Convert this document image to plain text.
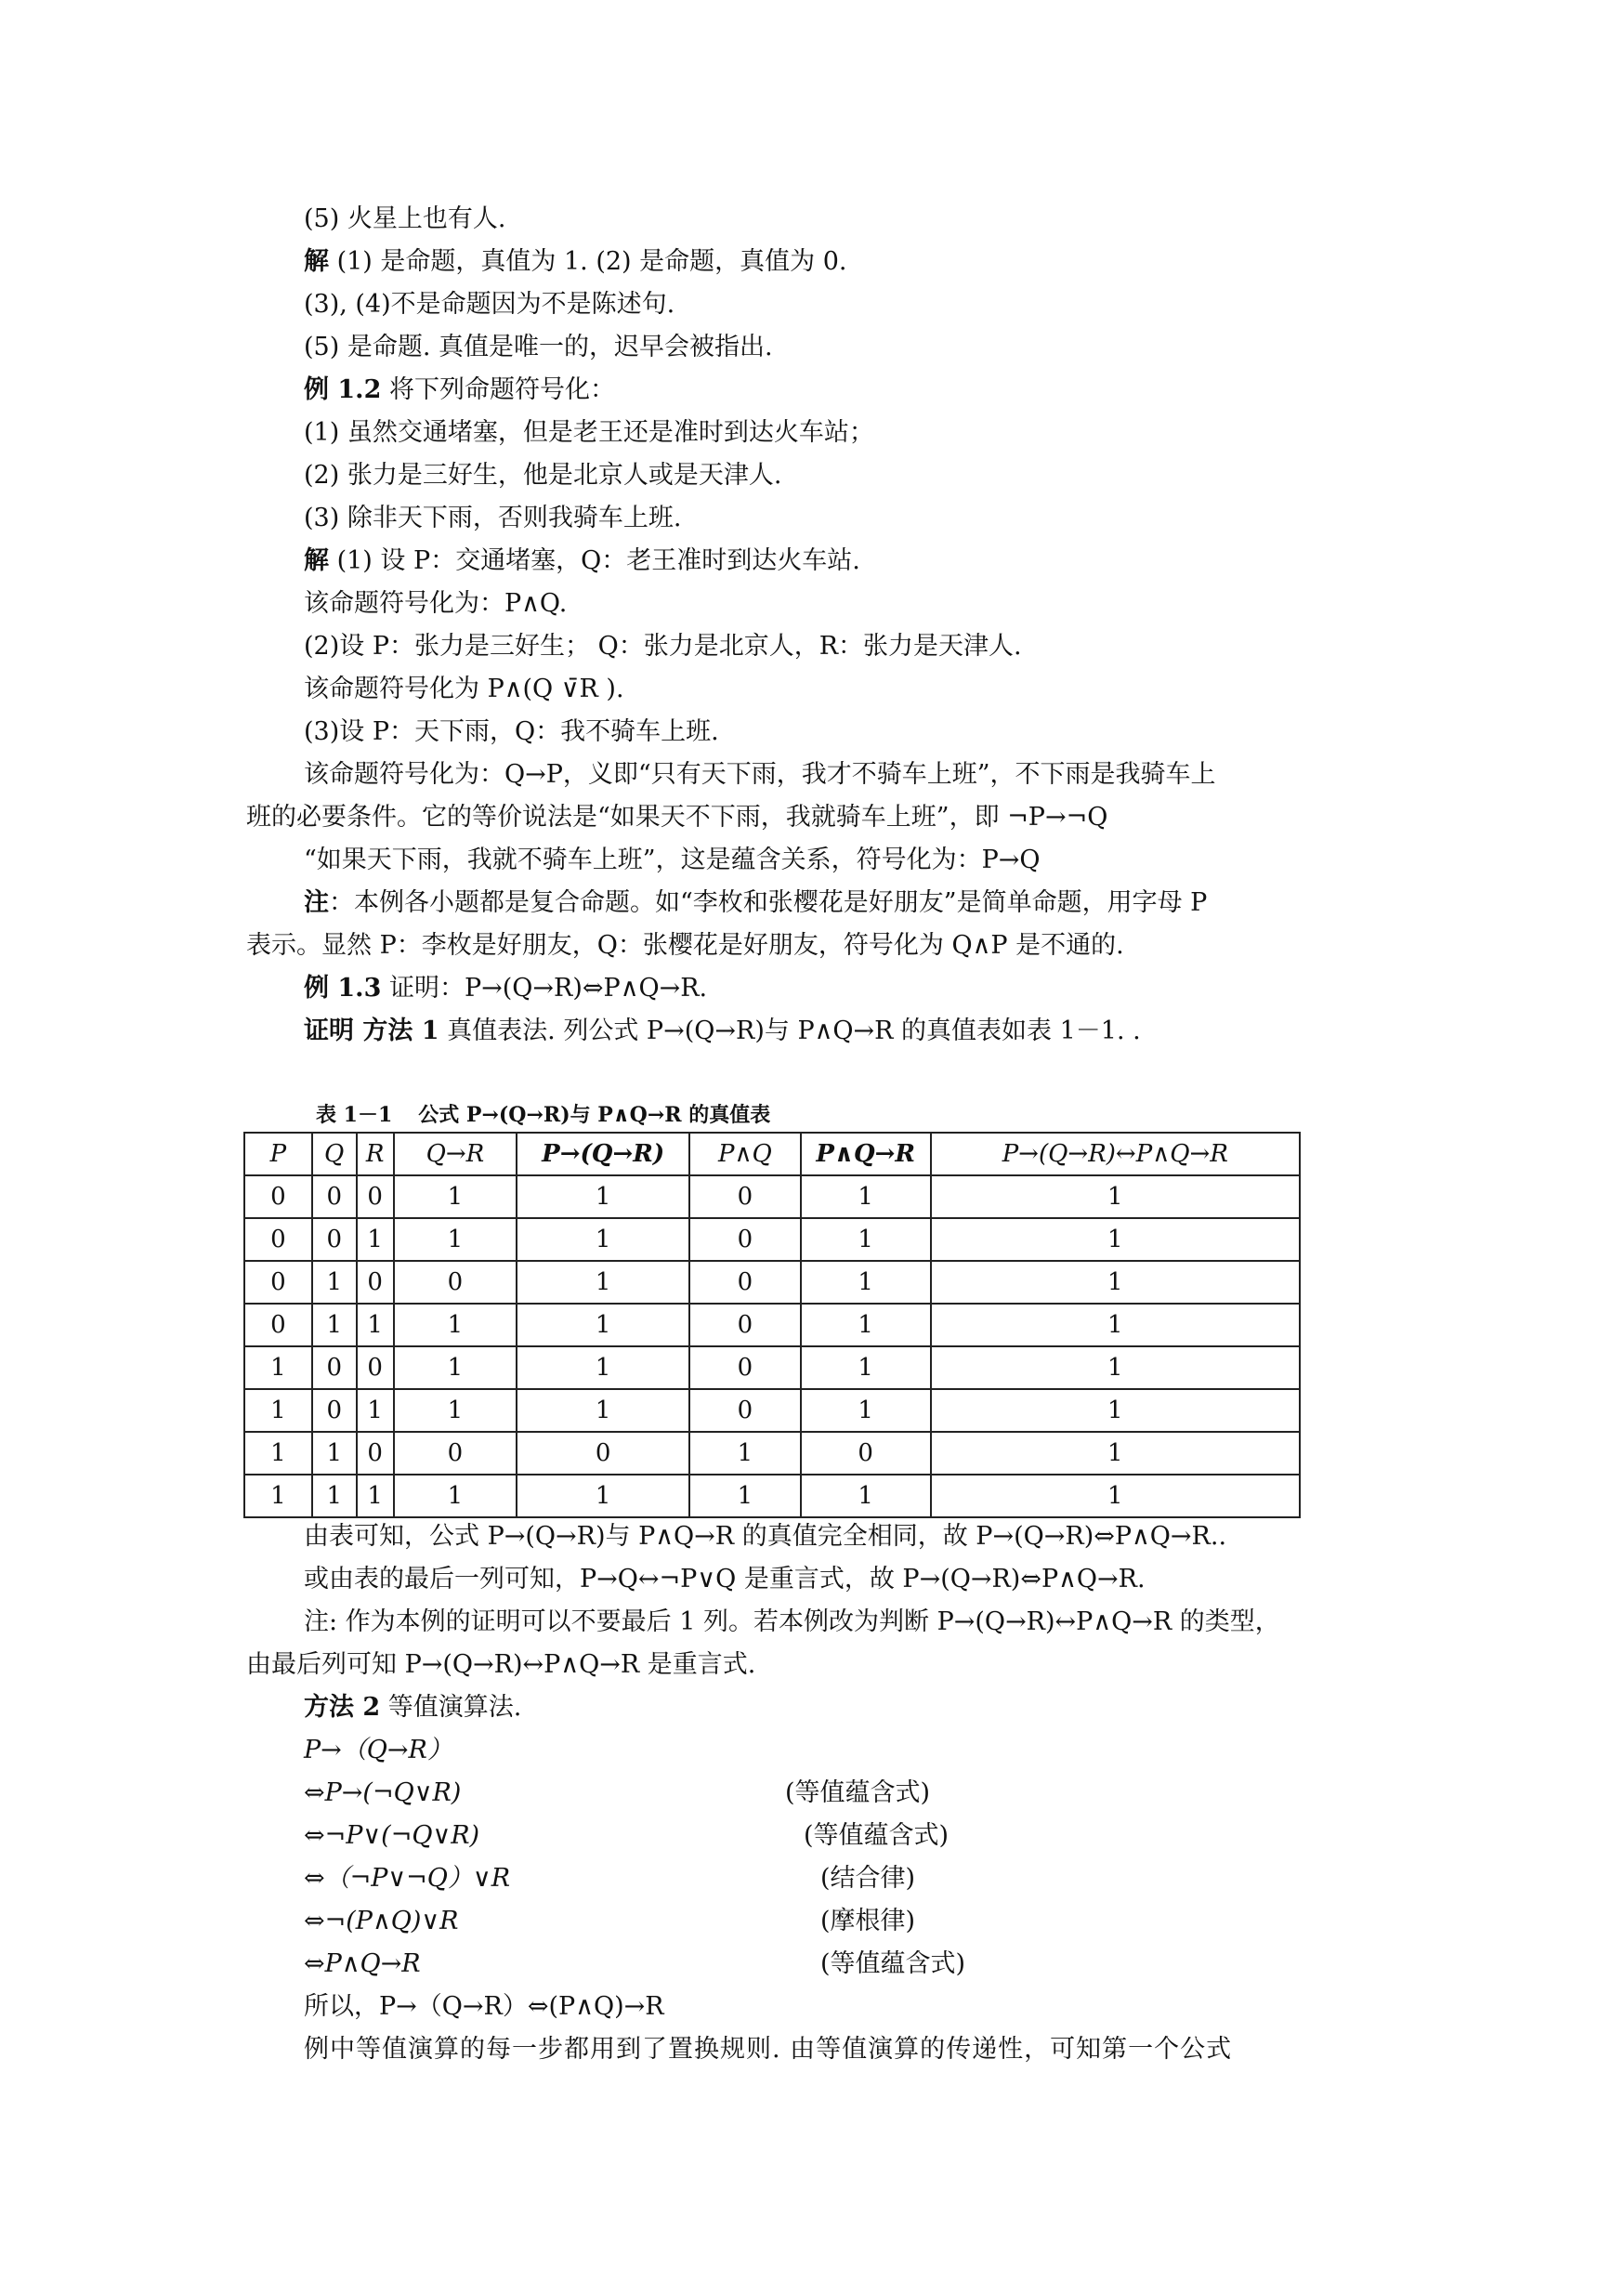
(5) 火星上也有人.
解 (1) 是命题，真值为 1. (2) 是命题，真值为 0.
(3), (4)不是命题因为不是陈述句.
(5) 是命题. 真值是唯一的，迟早会被指出.
例 1.2 将下列命题符号化：
(1) 虽然交通堵塞，但是老王还是准时到达火车站；
(2) 张力是三好生，他是北京人或是天津人.
(3) 除非天下雨，否则我骑车上班.
解 (1) 设 P：交通堵塞，Q：老王准时到达火车站.
该命题符号化为：P∧Q.
(2)设 P：张力是三好生； Q：张力是北京人，R：张力是天津人.
该命题符号化为 P∧(Q ∨̄R ).
(3)设 P：天下雨，Q：我不骑车上班.
该命题符号化为：Q→P，义即“只有天下雨，我才不骑车上班”，不下雨是我骑车上
班的必要条件。它的等价说法是“如果天不下雨，我就骑车上班”，即 ¬P→¬Q
“如果天下雨，我就不骑车上班”，这是蕴含关系，符号化为：P→Q
注：本例各小题都是复合命题。如“李枚和张樱花是好朋友”是简单命题，用字母 P
表示。显然 P：李枚是好朋友，Q：张樱花是好朋友，符号化为 Q∧P 是不通的.
例 1.3 证明：P→(Q→R)⇔P∧Q→R.
证明 方法 1 真值表法. 列公式 P→(Q→R)与 P∧Q→R 的真值表如表 1－1. .
表 1－1 公式 P→(Q→R)与 P∧Q→R 的真值表
P	Q	R	Q→R	P→(Q→R)	P∧Q	P∧Q→R	P→(Q→R)↔P∧Q→R
0	0	0	1	1	0	1	1
0	0	1	1	1	0	1	1
0	1	0	0	1	0	1	1
0	1	1	1	1	0	1	1
1	0	0	1	1	0	1	1
1	0	1	1	1	0	1	1
1	1	0	0	0	1	0	1
1	1	1	1	1	1	1	1
由表可知，公式 P→(Q→R)与 P∧Q→R 的真值完全相同，故 P→(Q→R)⇔P∧Q→R..
或由表的最后一列可知，P→Q↔¬P∨Q 是重言式，故 P→(Q→R)⇔P∧Q→R.
注: 作为本例的证明可以不要最后 1 列。若本例改为判断 P→(Q→R)↔P∧Q→R 的类型，
由最后列可知 P→(Q→R)↔P∧Q→R 是重言式.
方法 2 等值演算法.
P→（Q→R）
⇔P→(¬Q∨R)	(等值蕴含式)
⇔¬P∨(¬Q∨R)	(等值蕴含式)
⇔（¬P∨¬Q）∨R	(结合律)
⇔¬(P∧Q)∨R	(摩根律)
⇔P∧Q→R	(等值蕴含式)
所以，P→（Q→R）⇔(P∧Q)→R
例中等值演算的每一步都用到了置换规则. 由等值演算的传递性，可知第一个公式
